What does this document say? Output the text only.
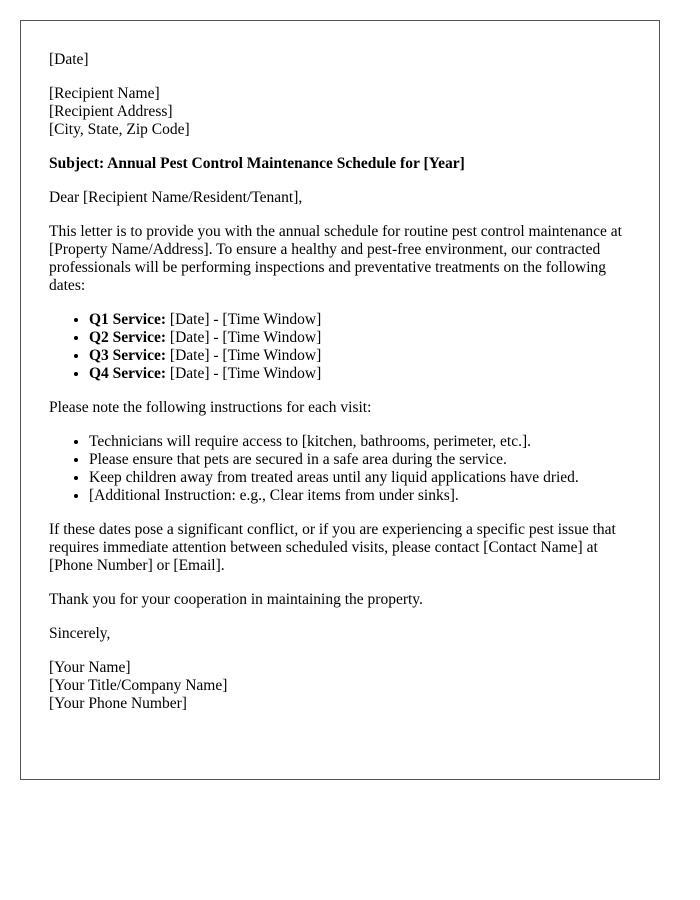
[Date]
[Recipient Name]
[Recipient Address]
[City, State, Zip Code]
Subject: Annual Pest Control Maintenance Schedule for [Year]

Dear [Recipient Name/Resident/Tenant],

This letter is to provide you with the annual schedule for routine pest control maintenance at [Property Name/Address]. To ensure a healthy and pest-free environment, our contracted professionals will be performing inspections and preventative treatments on the following dates:

• Q1 Service: [Date] - [Time Window]
• Q2 Service: [Date] - [Time Window]
• Q3 Service: [Date] - [Time Window]
• Q4 Service: [Date] - [Time Window]

Please note the following instructions for each visit:

• Technicians will require access to [kitchen, bathrooms, perimeter, etc.].
• Please ensure that pets are secured in a safe area during the service.
• Keep children away from treated areas until any liquid applications have dried.
• [Additional Instruction: e.g., Clear items from under sinks].

If these dates pose a significant conflict, or if you are experiencing a specific pest issue that requires immediate attention between scheduled visits, please contact [Contact Name] at [Phone Number] or [Email].

Thank you for your cooperation in maintaining the property.

Sincerely,

[Your Name]
[Your Title/Company Name]
[Your Phone Number]
